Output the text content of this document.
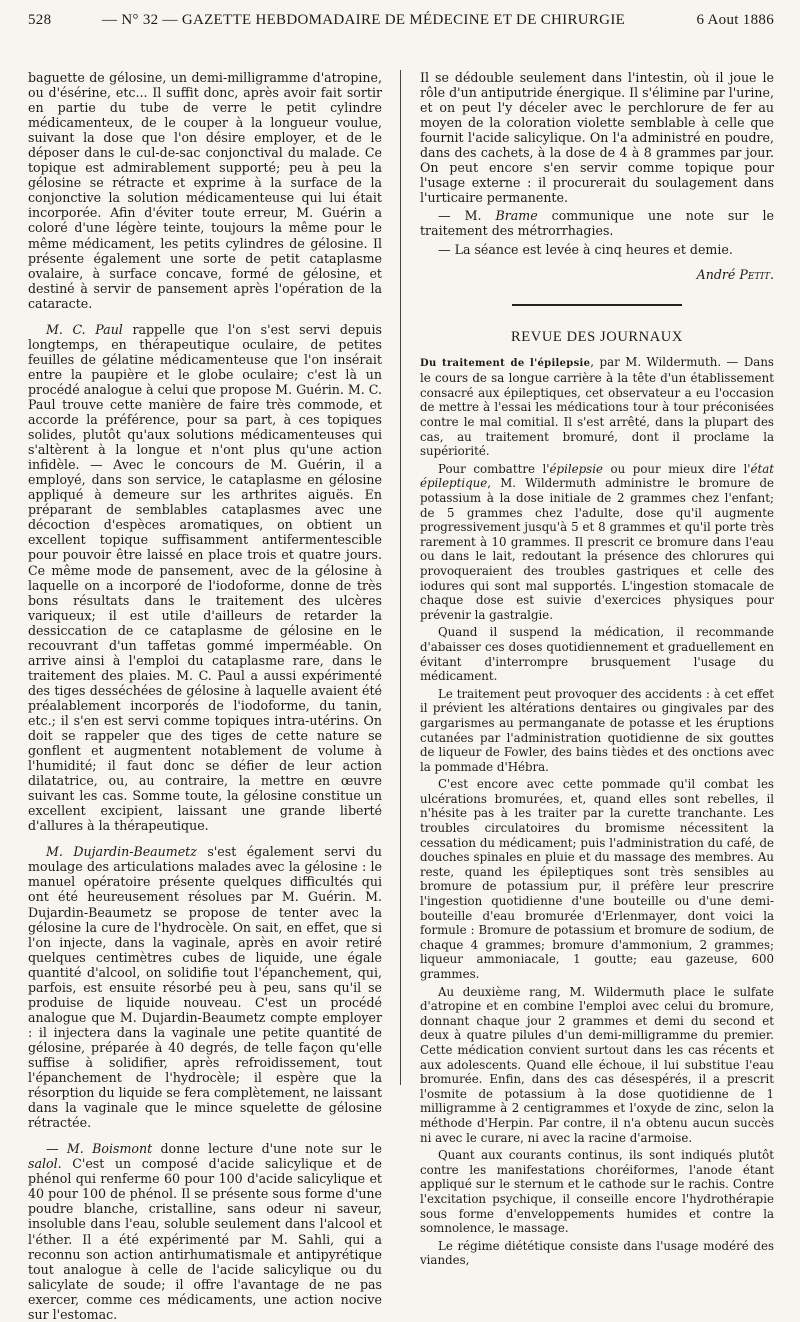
528	— N° 32 — GAZETTE HEBDOMADAIRE DE MÉDECINE ET DE CHIRURGIE	6 Aout 1886

baguette de gélosine, un demi-milligramme d'atropine, ou d'ésérine, etc... Il suffit donc, après avoir fait sortir en partie du tube de verre le petit cylindre médicamenteux, de le couper à la longueur voulue, suivant la dose que l'on désire employer, et de le déposer dans le cul-de-sac conjonctival du malade. Ce topique est admirablement supporté; peu à peu la gélosine se rétracte et exprime à la surface de la conjonctive la solution médicamenteuse qui lui était incorporée. Afin d'éviter toute erreur, M. Guérin a coloré d'une légère teinte, toujours la même pour le même médicament, les petits cylindres de gélosine. Il présente également une sorte de petit cataplasme ovalaire, à surface concave, formé de gélosine, et destiné à servir de pansement après l'opération de la cataracte.

M. C. Paul rappelle que l'on s'est servi depuis longtemps, en thérapeutique oculaire, de petites feuilles de gélatine médicamenteuse que l'on insérait entre la paupière et le globe oculaire; c'est là un procédé analogue à celui que propose M. Guérin. M. C. Paul trouve cette manière de faire très commode, et accorde la préférence, pour sa part, à ces topiques solides, plutôt qu'aux solutions médicamenteuses qui s'altèrent à la longue et n'ont plus qu'une action infidèle. — Avec le concours de M. Guérin, il a employé, dans son service, le cataplasme en gélosine appliqué à demeure sur les arthrites aiguës. En préparant de semblables cataplasmes avec une décoction d'espèces aromatiques, on obtient un excellent topique suffisamment antifermentescible pour pouvoir être laissé en place trois et quatre jours. Ce même mode de pansement, avec de la gélosine à laquelle on a incorporé de l'iodoforme, donne de très bons résultats dans le traitement des ulcères variqueux; il est utile d'ailleurs de retarder la dessiccation de ce cataplasme de gélosine en le recouvrant d'un taffetas gommé imperméable. On arrive ainsi à l'emploi du cataplasme rare, dans le traitement des plaies. M. C. Paul a aussi expérimenté des tiges desséchées de gélosine à laquelle avaient été préalablement incorporés de l'iodoforme, du tanin, etc.; il s'en est servi comme topiques intra-utérins. On doit se rappeler que des tiges de cette nature se gonflent et augmentent notablement de volume à l'humidité; il faut donc se défier de leur action dilatatrice, ou, au contraire, la mettre en œuvre suivant les cas. Somme toute, la gélosine constitue un excellent excipient, laissant une grande liberté d'allures à la thérapeutique.

M. Dujardin-Beaumetz s'est également servi du moulage des articulations malades avec la gélosine : le manuel opératoire présente quelques difficultés qui ont été heureusement résolues par M. Guérin. M. Dujardin-Beaumetz se propose de tenter avec la gélosine la cure de l'hydrocèle. On sait, en effet, que si l'on injecte, dans la vaginale, après en avoir retiré quelques centimètres cubes de liquide, une égale quantité d'alcool, on solidifie tout l'épanchement, qui, parfois, est ensuite résorbé peu à peu, sans qu'il se produise de liquide nouveau. C'est un procédé analogue que M. Dujardin-Beaumetz compte employer : il injectera dans la vaginale une petite quantité de gélosine, préparée à 40 degrés, de telle façon qu'elle suffise à solidifier, après refroidissement, tout l'épanchement de l'hydrocèle; il espère que la résorption du liquide se fera complètement, ne laissant dans la vaginale que le mince squelette de gélosine rétractée.

— M. Boismont donne lecture d'une note sur le salol. C'est un composé d'acide salicylique et de phénol qui renferme 60 pour 100 d'acide salicylique et 40 pour 100 de phénol. Il se présente sous forme d'une poudre blanche, cristalline, sans odeur ni saveur, insoluble dans l'eau, soluble seulement dans l'alcool et l'éther. Il a été expérimenté par M. Sahli, qui a reconnu son action antirhumatismale et antipyrétique tout analogue à celle de l'acide salicylique ou du salicylate de soude; il offre l'avantage de ne pas exercer, comme ces médicaments, une action nocive sur l'estomac.

Il se dédouble seulement dans l'intestin, où il joue le rôle d'un antiputride énergique. Il s'élimine par l'urine, et on peut l'y déceler avec le perchlorure de fer au moyen de la coloration violette semblable à celle que fournit l'acide salicylique. On l'a administré en poudre, dans des cachets, à la dose de 4 à 8 grammes par jour. On peut encore s'en servir comme topique pour l'usage externe : il procurerait du soulagement dans l'urticaire permanente.

— M. Brame communique une note sur le traitement des métrorrhagies.

— La séance est levée à cinq heures et demie.

André Petit.
REVUE DES JOURNAUX

Du traitement de l'épilepsie, par M. Wildermuth. — Dans le cours de sa longue carrière à la tête d'un établissement consacré aux épileptiques, cet observateur a eu l'occasion de mettre à l'essai les médications tour à tour préconisées contre le mal comitial. Il s'est arrêté, dans la plupart des cas, au traitement bromuré, dont il proclame la supériorité.

Pour combattre l'épilepsie ou pour mieux dire l'état épileptique, M. Wildermuth administre le bromure de potassium à la dose initiale de 2 grammes chez l'enfant; de 5 grammes chez l'adulte, dose qu'il augmente progressivement jusqu'à 5 et 8 grammes et qu'il porte très rarement à 10 grammes. Il prescrit ce bromure dans l'eau ou dans le lait, redoutant la présence des chlorures qui provoqueraient des troubles gastriques et celle des iodures qui sont mal supportés. L'ingestion stomacale de chaque dose est suivie d'exercices physiques pour prévenir la gastralgie.

Quand il suspend la médication, il recommande d'abaisser ces doses quotidiennement et graduellement en évitant d'interrompre brusquement l'usage du médicament.

Le traitement peut provoquer des accidents : à cet effet il prévient les altérations dentaires ou gingivales par des gargarismes au permanganate de potasse et les éruptions cutanées par l'administration quotidienne de six gouttes de liqueur de Fowler, des bains tièdes et des onctions avec la pommade d'Hébra.

C'est encore avec cette pommade qu'il combat les ulcérations bromurées, et, quand elles sont rebelles, il n'hésite pas à les traiter par la curette tranchante. Les troubles circulatoires du bromisme nécessitent la cessation du médicament; puis l'administration du café, de douches spinales en pluie et du massage des membres. Au reste, quand les épileptiques sont très sensibles au bromure de potassium pur, il préfère leur prescrire l'ingestion quotidienne d'une bouteille ou d'une demi-bouteille d'eau bromurée d'Erlenmayer, dont voici la formule : Bromure de potassium et bromure de sodium, de chaque 4 grammes; bromure d'ammonium, 2 grammes; liqueur ammoniacale, 1 goutte; eau gazeuse, 600 grammes.

Au deuxième rang, M. Wildermuth place le sulfate d'atropine et en combine l'emploi avec celui du bromure, donnant chaque jour 2 grammes et demi du second et deux à quatre pilules d'un demi-milligramme du premier. Cette médication convient surtout dans les cas récents et aux adolescents. Quand elle échoue, il lui substitue l'eau bromurée. Enfin, dans des cas désespérés, il a prescrit l'osmite de potassium à la dose quotidienne de 1 milligramme à 2 centigrammes et l'oxyde de zinc, selon la méthode d'Herpin. Par contre, il n'a obtenu aucun succès ni avec le curare, ni avec la racine d'armoise.

Quant aux courants continus, ils sont indiqués plutôt contre les manifestations choréiformes, l'anode étant appliqué sur le sternum et le cathode sur le rachis. Contre l'excitation psychique, il conseille encore l'hydrothérapie sous forme d'enveloppements humides et contre la somnolence, le massage.

Le régime diététique consiste dans l'usage modéré des viandes,
